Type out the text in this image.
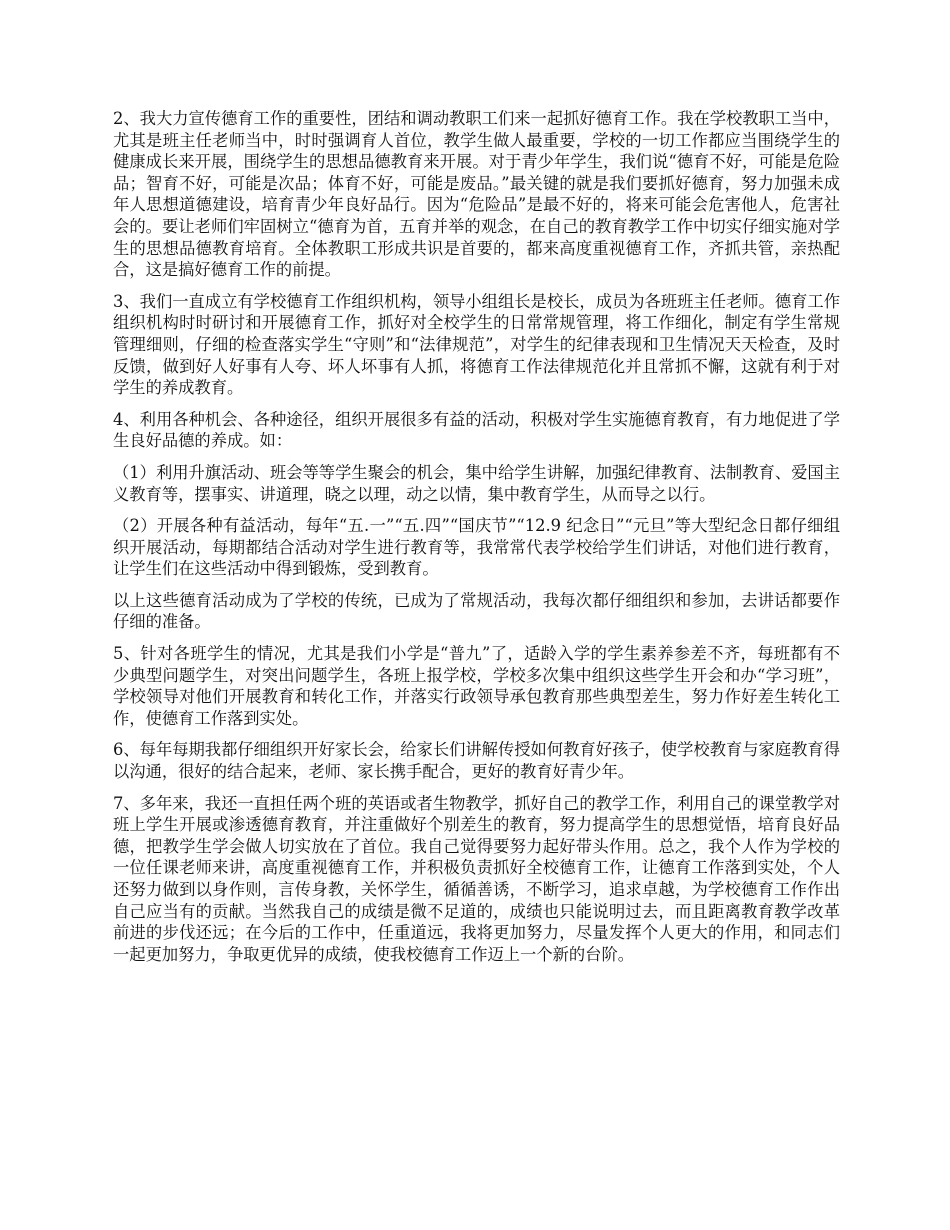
2、我大力宣传德育工作的重要性，团结和调动教职工们来一起抓好德育工作。我在学校教职工当中，尤其是班主任老师当中，时时强调育人首位，教学生做人最重要，学校的一切工作都应当围绕学生的健康成长来开展，围绕学生的思想品德教育来开展。对于青少年学生，我们说“德育不好，可能是危险品；智育不好，可能是次品；体育不好，可能是废品。”最关键的就是我们要抓好德育，努力加强未成年人思想道德建设，培育青少年良好品行。因为“危险品”是最不好的，将来可能会危害他人，危害社会的。要让老师们牢固树立“德育为首，五育并举的观念，在自己的教育教学工作中切实仔细实施对学生的思想品德教育培育。全体教职工形成共识是首要的，都来高度重视德育工作，齐抓共管，亲热配合，这是搞好德育工作的前提。

3、我们一直成立有学校德育工作组织机构，领导小组组长是校长，成员为各班班主任老师。德育工作组织机构时时研讨和开展德育工作，抓好对全校学生的日常常规管理，将工作细化，制定有学生常规管理细则，仔细的检查落实学生“守则”和“法律规范”，对学生的纪律表现和卫生情况天天检查，及时反馈，做到好人好事有人夸、坏人坏事有人抓，将德育工作法律规范化并且常抓不懈，这就有利于对学生的养成教育。

4、利用各种机会、各种途径，组织开展很多有益的活动，积极对学生实施德育教育，有力地促进了学生良好品德的养成。如：

（1）利用升旗活动、班会等等学生聚会的机会，集中给学生讲解，加强纪律教育、法制教育、爱国主义教育等，摆事实、讲道理，晓之以理，动之以情，集中教育学生，从而导之以行。

（2）开展各种有益活动，每年“五.一”“五.四”“国庆节”“12.9 纪念日”“元旦”等大型纪念日都仔细组织开展活动，每期都结合活动对学生进行教育等，我常常代表学校给学生们讲话，对他们进行教育，让学生们在这些活动中得到锻炼，受到教育。

以上这些德育活动成为了学校的传统，已成为了常规活动，我每次都仔细组织和参加，去讲话都要作仔细的准备。

5、针对各班学生的情况，尤其是我们小学是“普九”了，适龄入学的学生素养参差不齐，每班都有不少典型问题学生，对突出问题学生，各班上报学校，学校多次集中组织这些学生开会和办“学习班”，学校领导对他们开展教育和转化工作，并落实行政领导承包教育那些典型差生，努力作好差生转化工作，使德育工作落到实处。

6、每年每期我都仔细组织开好家长会，给家长们讲解传授如何教育好孩子，使学校教育与家庭教育得以沟通，很好的结合起来，老师、家长携手配合，更好的教育好青少年。

7、多年来，我还一直担任两个班的英语或者生物教学，抓好自己的教学工作，利用自己的课堂教学对班上学生开展或渗透德育教育，并注重做好个别差生的教育，努力提高学生的思想觉悟，培育良好品德，把教学生学会做人切实放在了首位。我自己觉得要努力起好带头作用。总之，我个人作为学校的一位任课老师来讲，高度重视德育工作，并积极负责抓好全校德育工作，让德育工作落到实处，个人还努力做到以身作则，言传身教，关怀学生，循循善诱，不断学习，追求卓越，为学校德育工作作出自己应当有的贡献。当然我自己的成绩是微不足道的，成绩也只能说明过去，而且距离教育教学改革前进的步伐还远；在今后的工作中，任重道远，我将更加努力，尽量发挥个人更大的作用，和同志们一起更加努力，争取更优异的成绩，使我校德育工作迈上一个新的台阶。
